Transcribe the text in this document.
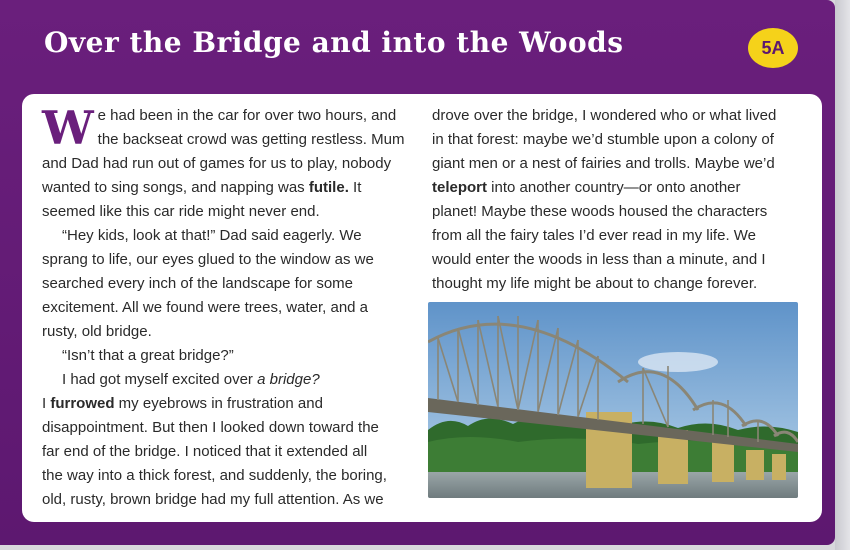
Over the Bridge and into the Woods	5A
W e had been in the car for over two hours, and
the backseat crowd was getting restless. Mum
and Dad had run out of games for us to play, nobody
wanted to sing songs, and napping was futile. It
seemed like this car ride might never end.
“Hey kids, look at that!” Dad said eagerly. We
sprang to life, our eyes glued to the window as we
searched every inch of the landscape for some
excitement. All we found were trees, water, and a
rusty, old bridge.
“Isn’t that a great bridge?”
I had got myself excited over a bridge?
I furrowed my eyebrows in frustration and
disappointment. But then I looked down toward the
far end of the bridge. I noticed that it extended all
the way into a thick forest, and suddenly, the boring,
old, rusty, brown bridge had my full attention. As we
drove over the bridge, I wondered who or what lived
in that forest: maybe we’d stumble upon a colony of
giant men or a nest of fairies and trolls. Maybe we’d
teleport into another country—or onto another
planet! Maybe these woods housed the characters
from all the fairy tales I’d ever read in my life. We
would enter the woods in less than a minute, and I
thought my life might be about to change forever.
